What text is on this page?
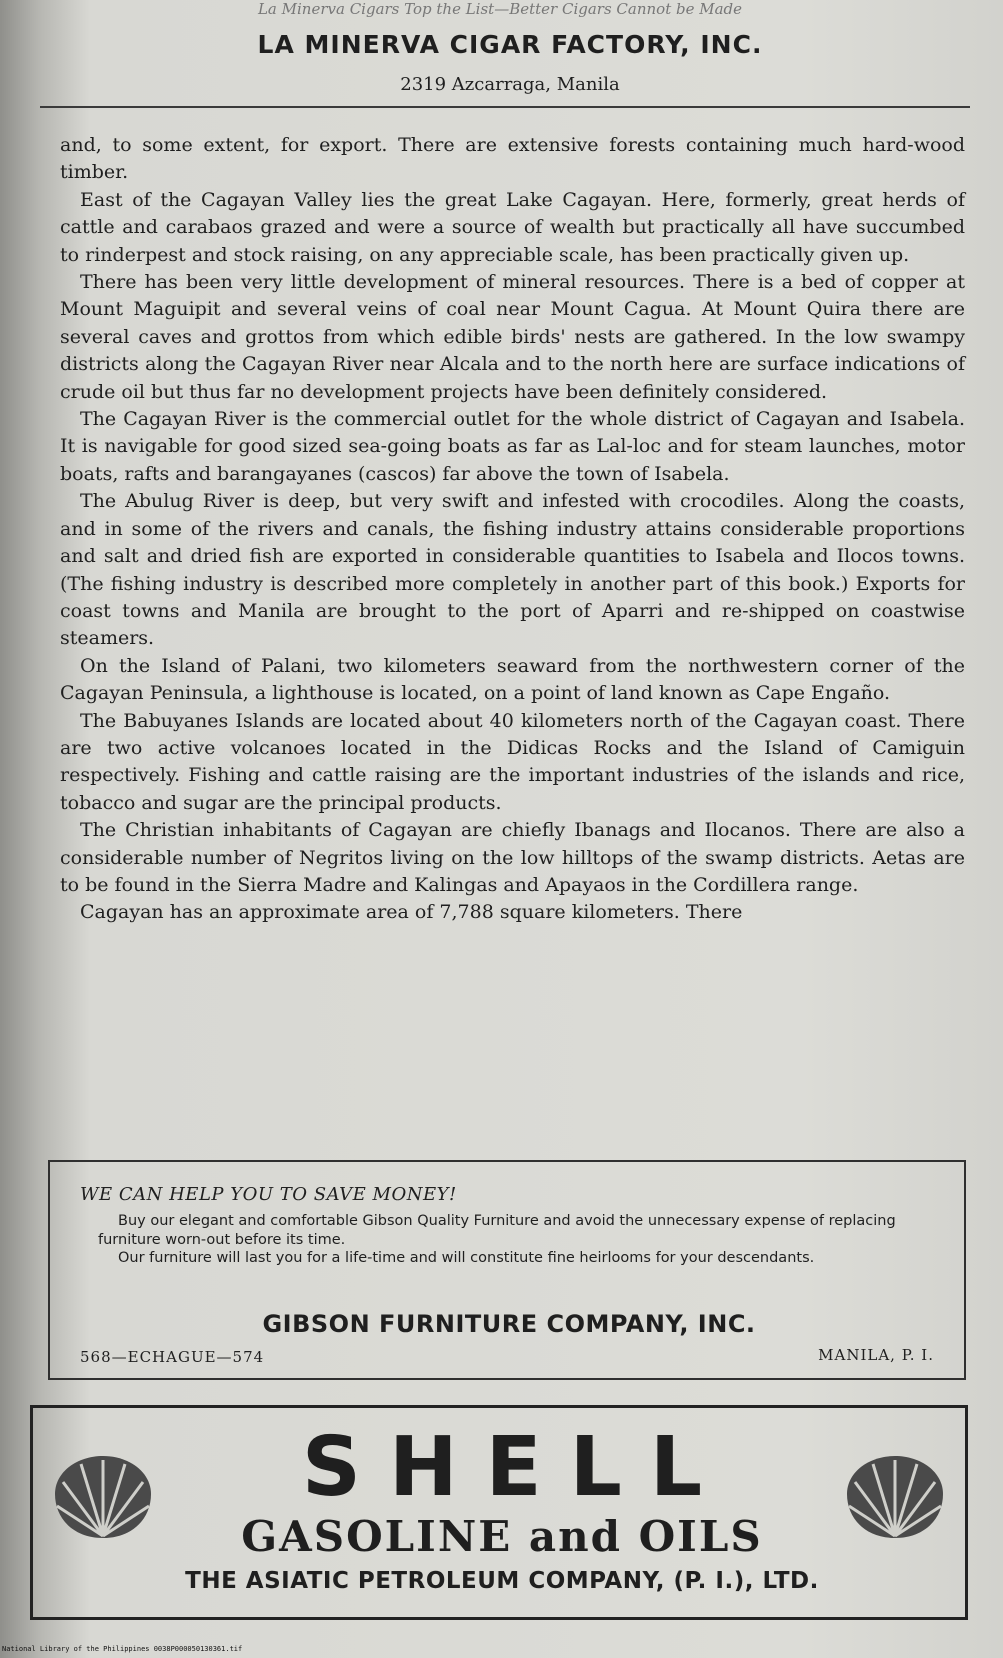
La Minerva Cigars Top the List—Better Cigars Cannot be Made
LA MINERVA CIGAR FACTORY, INC.
2319 Azcarraga, Manila

and, to some extent, for export. There are extensive forests containing much hard-wood timber.

East of the Cagayan Valley lies the great Lake Cagayan. Here, formerly, great herds of cattle and carabaos grazed and were a source of wealth but practically all have succumbed to rinderpest and stock raising, on any appreciable scale, has been practically given up.

There has been very little development of mineral resources. There is a bed of copper at Mount Maguipit and several veins of coal near Mount Cagua. At Mount Quira there are several caves and grottos from which edible birds' nests are gathered. In the low swampy districts along the Cagayan River near Alcala and to the north here are surface indications of crude oil but thus far no development projects have been definitely considered.

The Cagayan River is the commercial outlet for the whole district of Cagayan and Isabela. It is navigable for good sized sea-going boats as far as Lal-loc and for steam launches, motor boats, rafts and barangayanes (cascos) far above the town of Isabela.

The Abulug River is deep, but very swift and infested with crocodiles. Along the coasts, and in some of the rivers and canals, the fishing industry attains considerable proportions and salt and dried fish are exported in considerable quantities to Isabela and Ilocos towns. (The fishing industry is described more completely in another part of this book.) Exports for coast towns and Manila are brought to the port of Aparri and re-shipped on coastwise steamers.

On the Island of Palani, two kilometers seaward from the northwestern corner of the Cagayan Peninsula, a lighthouse is located, on a point of land known as Cape Engaño.

The Babuyanes Islands are located about 40 kilometers north of the Cagayan coast. There are two active volcanoes located in the Didicas Rocks and the Island of Camiguin respectively. Fishing and cattle raising are the important industries of the islands and rice, tobacco and sugar are the principal products.

The Christian inhabitants of Cagayan are chiefly Ibanags and Ilocanos. There are also a considerable number of Negritos living on the low hilltops of the swamp districts. Aetas are to be found in the Sierra Madre and Kalingas and Apayaos in the Cordillera range.

Cagayan has an approximate area of 7,788 square kilometers. There

WE CAN HELP YOU TO SAVE MONEY!

Buy our elegant and comfortable Gibson Quality Furniture and avoid the unnecessary expense of replacing furniture worn-out before its time.

Our furniture will last you for a life-time and will constitute fine heirlooms for your descendants.

GIBSON FURNITURE COMPANY, INC.
568—ECHAGUE—574	MANILA, P. I.
SHELL
GASOLINE and OILS
THE ASIATIC PETROLEUM COMPANY, (P. I.), LTD.
National Library of the Philippines 0038P000050130361.tif
